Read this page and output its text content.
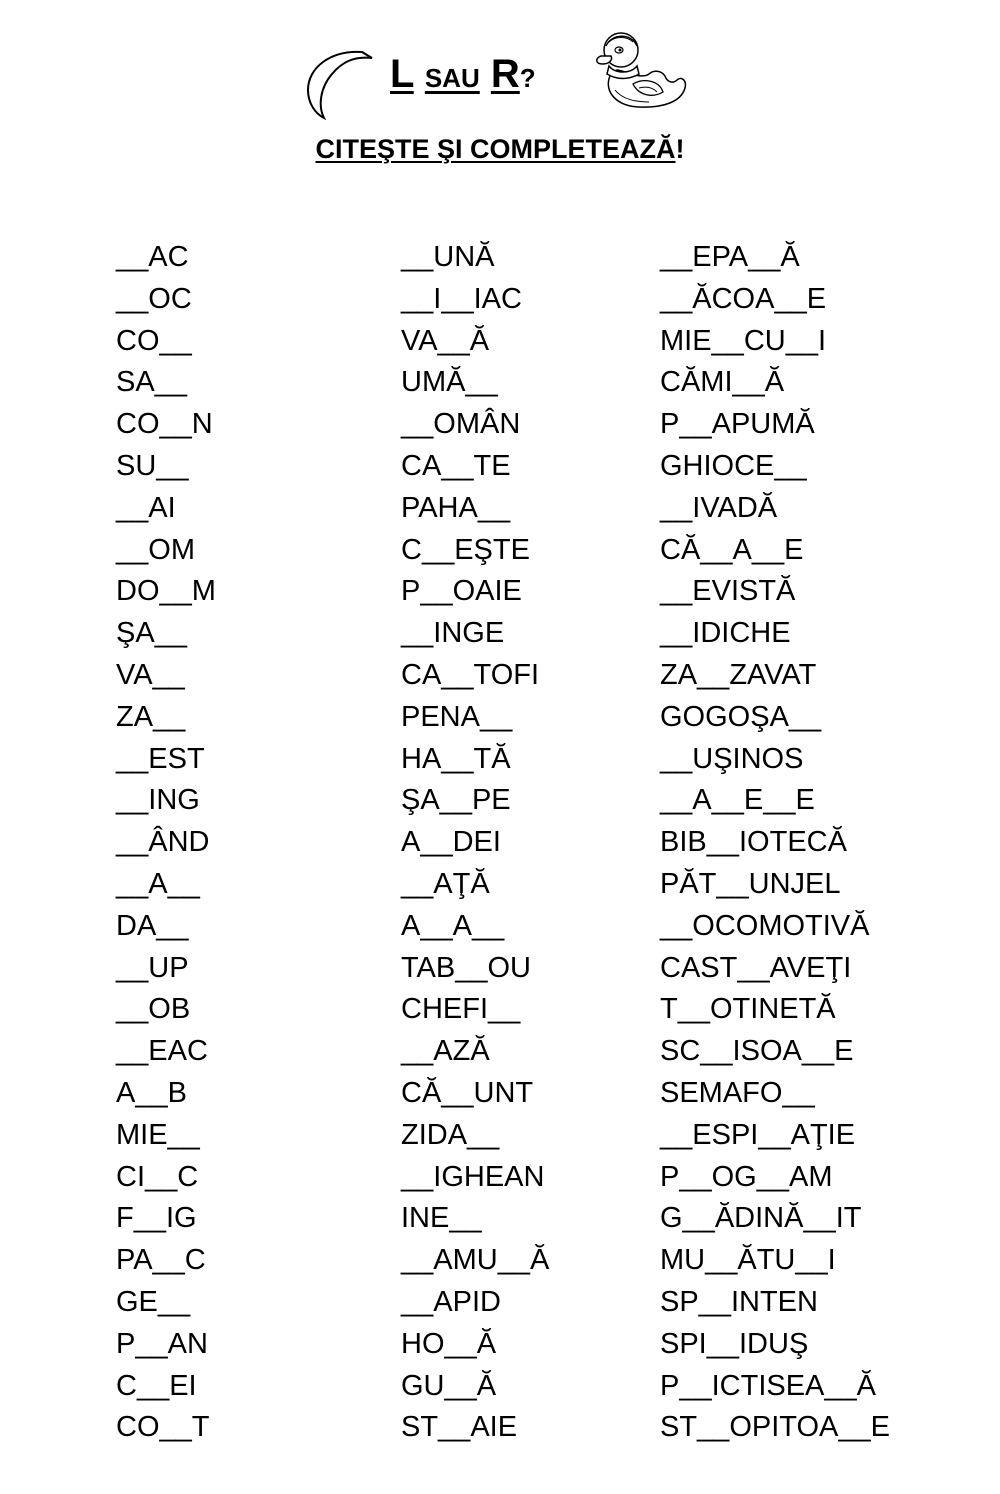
L SAU R?
CITEŞTE ŞI COMPLETEAZĂ!
__AC
__OC
CO__
SA__
CO__N
SU__
__AI
__OM
DO__M
ŞA__
VA__
ZA__
__EST
__ING
__ÂND
__A__
DA__
__UP
__OB
__EAC
A__B
MIE__
CI__C
F__IG
PA__C
GE__
P__AN
C__EI
CO__T
__UNĂ
__I__IAC
VA__Ă
UMĂ__
__OMÂN
CA__TE
PAHA__
C__EŞTE
P__OAIE
__INGE
CA__TOFI
PENA__
HA__TĂ
ŞA__PE
A__DEI
__AŢĂ
A__A__
TAB__OU
CHEFI__
__AZĂ
CĂ__UNT
ZIDA__
__IGHEAN
INE__
__AMU__Ă
__APID
HO__Ă
GU__Ă
ST__AIE
__EPA__Ă
__ĂCOA__E
MIE__CU__I
CĂMI__Ă
P__APUMĂ
GHIOCE__
__IVADĂ
CĂ__A__E
__EVISTĂ
__IDICHE
ZA__ZAVAT
GOGOŞA__
__UŞINOS
__A__E__E
BIB__IOTECĂ
PĂT__UNJEL
__OCOMOTIVĂ
CAST__AVEŢI
T__OTINETĂ
SC__ISOA__E
SEMAFO__
__ESPI__AŢIE
P__OG__AM
G__ĂDINĂ__IT
MU__ĂTU__I
SP__INTEN
SPI__IDUŞ
P__ICTISEA__Ă
ST__OPITOA__E
